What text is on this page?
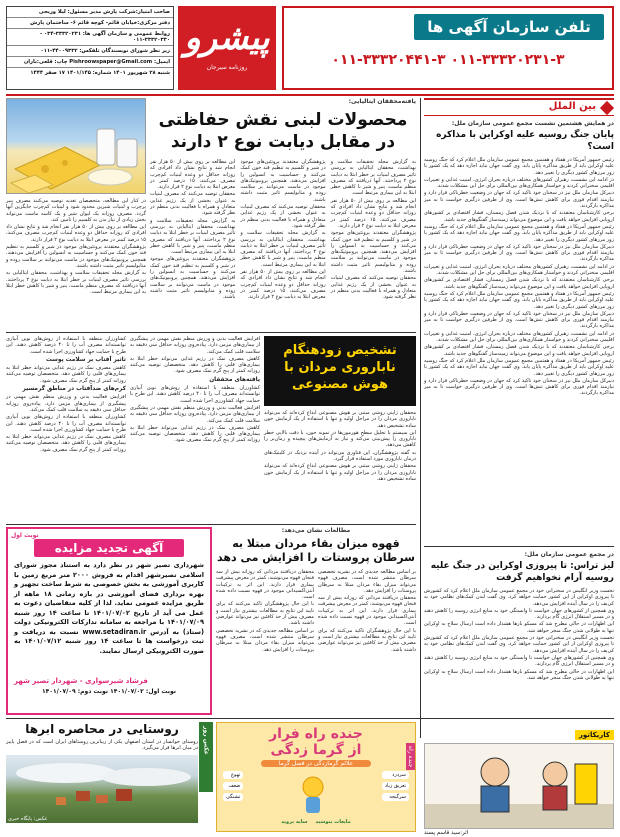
صاحب امتیاز:شرکت پارش مدیر مسئول: لیلا وریجی
دفتر مرکزی:خیابان قائم- کوچه قائم ۶- ساختمان پارش
روابط عمومی و سازمان آگهی ها: ۳۳۳۲۰۲۳۱-۰۳۴ - ۳۳۳۲۰۳۳۰-۰۱۱
زیر نظر شورای نویسندگان تلفکس: ۴۴۰۰۹۳۳۲-۰۱۱
ایمیل: Pishroowspaper@Gmail.com چاپ: قلعی:باران
شنبه ۲۸ شهریور ۱۴۰۱ شماره: ۱۴۰۱/۱۴۵ ۱۷ صفر ۱۴۴۴
پیشرو
روزنامه سیرجان
تلفن سازمان آگهی ها
۰۱۱-۳۳۳۲۰۲۳۱-۳ ۰۱۱-۳۳۳۲۰۴۴۱-۳
بین الملل
در همایش هشتمین نشست مجمع عمومی سازمان ملل:
پایان جنگ روسیه علیه اوکراین با مذاکره است؟

رئیس جمهور آمریکا در هفتاد و هفتمین مجمع عمومی سازمان ملل اعلام کرد که جنگ روسیه علیه اوکراین باید از طریق مذاکره پایان یابد. وی گفت جهان نباید اجازه دهد که یک کشور با زور مرزهای کشور دیگری را تغییر دهد.

در ادامه این نشست، رهبران کشورهای مختلف درباره بحران انرژی، امنیت غذایی و تغییرات اقلیمی سخنرانی کردند و خواستار همکاری‌های بین‌المللی برای حل این مشکلات شدند.

دبیرکل سازمان ملل نیز در سخنان خود تاکید کرد که جهان در وضعیت خطرناکی قرار دارد و نیازمند اقدام فوری برای کاهش تنش‌ها است. وی از طرفین درگیری خواست تا به میز مذاکره بازگردند.

برخی کارشناسان معتقدند که با نزدیک شدن فصل زمستان، فشار اقتصادی بر کشورهای اروپایی افزایش خواهد یافت و این موضوع می‌تواند زمینه‌ساز گفتگوهای جدید باشد.

رئیس جمهور آمریکا در هفتاد و هفتمین مجمع عمومی سازمان ملل اعلام کرد که جنگ روسیه علیه اوکراین باید از طریق مذاکره پایان یابد. وی گفت جهان نباید اجازه دهد که یک کشور با زور مرزهای کشور دیگری را تغییر دهد.

دبیرکل سازمان ملل نیز در سخنان خود تاکید کرد که جهان در وضعیت خطرناکی قرار دارد و نیازمند اقدام فوری برای کاهش تنش‌ها است. وی از طرفین درگیری خواست تا به میز مذاکره بازگردند.

در ادامه این نشست، رهبران کشورهای مختلف درباره بحران انرژی، امنیت غذایی و تغییرات اقلیمی سخنرانی کردند و خواستار همکاری‌های بین‌المللی برای حل این مشکلات شدند.

برخی کارشناسان معتقدند که با نزدیک شدن فصل زمستان، فشار اقتصادی بر کشورهای اروپایی افزایش خواهد یافت و این موضوع می‌تواند زمینه‌ساز گفتگوهای جدید باشد.

رئیس جمهور آمریکا در هفتاد و هفتمین مجمع عمومی سازمان ملل اعلام کرد که جنگ روسیه علیه اوکراین باید از طریق مذاکره پایان یابد. وی گفت جهان نباید اجازه دهد که یک کشور با زور مرزهای کشور دیگری را تغییر دهد.

دبیرکل سازمان ملل نیز در سخنان خود تاکید کرد که جهان در وضعیت خطرناکی قرار دارد و نیازمند اقدام فوری برای کاهش تنش‌ها است. وی از طرفین درگیری خواست تا به میز مذاکره بازگردند.

در ادامه این نشست، رهبران کشورهای مختلف درباره بحران انرژی، امنیت غذایی و تغییرات اقلیمی سخنرانی کردند و خواستار همکاری‌های بین‌المللی برای حل این مشکلات شدند.

برخی کارشناسان معتقدند که با نزدیک شدن فصل زمستان، فشار اقتصادی بر کشورهای اروپایی افزایش خواهد یافت و این موضوع می‌تواند زمینه‌ساز گفتگوهای جدید باشد.

رئیس جمهور آمریکا در هفتاد و هفتمین مجمع عمومی سازمان ملل اعلام کرد که جنگ روسیه علیه اوکراین باید از طریق مذاکره پایان یابد. وی گفت جهان نباید اجازه دهد که یک کشور با زور مرزهای کشور دیگری را تغییر دهد.

دبیرکل سازمان ملل نیز در سخنان خود تاکید کرد که جهان در وضعیت خطرناکی قرار دارد و نیازمند اقدام فوری برای کاهش تنش‌ها است. وی از طرفین درگیری خواست تا به میز مذاکره بازگردند.

در مجمع عمومی سازمان ملل:
لیز تراس: تا پیروزی اوکراین در جنگ علیه روسیه آرام نخواهیم گرفت

نخست وزیر انگلیس در سخنرانی خود در مجمع عمومی سازمان ملل اعلام کرد که کشورش تا پیروزی اوکراین از این کشور حمایت خواهد کرد. وی گفت لندن کمک‌های نظامی خود به کی‌یف را در سال آینده افزایش می‌دهد.

وی همچنین از کشورهای جهان خواست تا وابستگی خود به منابع انرژی روسیه را کاهش دهند و در مسیر استقلال انرژی گام بردارند.

این اظهارات در حالی مطرح شد که مسکو بارها هشدار داده است ارسال سلاح به اوکراین تنها به طولانی شدن جنگ منجر خواهد شد.

نخست وزیر انگلیس در سخنرانی خود در مجمع عمومی سازمان ملل اعلام کرد که کشورش تا پیروزی اوکراین از این کشور حمایت خواهد کرد. وی گفت لندن کمک‌های نظامی خود به کی‌یف را در سال آینده افزایش می‌دهد.

وی همچنین از کشورهای جهان خواست تا وابستگی خود به منابع انرژی روسیه را کاهش دهند و در مسیر استقلال انرژی گام بردارند.

این اظهارات در حالی مطرح شد که مسکو بارها هشدار داده است ارسال سلاح به اوکراین تنها به طولانی شدن جنگ منجر خواهد شد.

یافته‌محققان ایتالیایی:
محصولات لبنی نقش حفاظتی در مقابل دیابت نوع ۲ دارند

به گزارش مجله تحقیقات سلامت و بهداشت، محققان ایتالیایی به بررسی تاثیر مصرف لبنیات بر خطر ابتلا به دیابت نوع ۲ پرداختند. آنها دریافتند که مصرف منظم ماست، پنیر و شیر با کاهش خطر ابتلا به این بیماری مرتبط است.

این مطالعه بر روی بیش از ۵۰ هزار نفر انجام شد و نتایج نشان داد افرادی که روزانه حداقل دو وعده لبنیات کم‌چرب مصرف می‌کنند، ۱۵ درصد کمتر در معرض ابتلا به دیابت نوع ۲ قرار دارند.

پژوهشگران معتقدند پروتئین‌های موجود در شیر و کلسیم به تنظیم قند خون کمک می‌کنند و حساسیت به انسولین را افزایش می‌دهند. همچنین پروبیوتیک‌های موجود در ماست می‌توانند بر سلامت روده و متابولیسم تاثیر مثبت داشته باشند.

محققان توصیه می‌کنند که مصرف لبنیات به عنوان بخشی از یک رژیم غذایی متعادل و همراه با فعالیت بدنی منظم در نظر گرفته شود.

پژوهشگران معتقدند پروتئین‌های موجود در شیر و کلسیم به تنظیم قند خون کمک می‌کنند و حساسیت به انسولین را افزایش می‌دهند. همچنین پروبیوتیک‌های موجود در ماست می‌توانند بر سلامت روده و متابولیسم تاثیر مثبت داشته باشند.

محققان توصیه می‌کنند که مصرف لبنیات به عنوان بخشی از یک رژیم غذایی متعادل و همراه با فعالیت بدنی منظم در نظر گرفته شود.

به گزارش مجله تحقیقات سلامت و بهداشت، محققان ایتالیایی به بررسی تاثیر مصرف لبنیات بر خطر ابتلا به دیابت نوع ۲ پرداختند. آنها دریافتند که مصرف منظم ماست، پنیر و شیر با کاهش خطر ابتلا به این بیماری مرتبط است.

این مطالعه بر روی بیش از ۵۰ هزار نفر انجام شد و نتایج نشان داد افرادی که روزانه حداقل دو وعده لبنیات کم‌چرب مصرف می‌کنند، ۱۵ درصد کمتر در معرض ابتلا به دیابت نوع ۲ قرار دارند.

این مطالعه بر روی بیش از ۵۰ هزار نفر انجام شد و نتایج نشان داد افرادی که روزانه حداقل دو وعده لبنیات کم‌چرب مصرف می‌کنند، ۱۵ درصد کمتر در معرض ابتلا به دیابت نوع ۲ قرار دارند.

محققان توصیه می‌کنند که مصرف لبنیات به عنوان بخشی از یک رژیم غذایی متعادل و همراه با فعالیت بدنی منظم در نظر گرفته شود.

به گزارش مجله تحقیقات سلامت و بهداشت، محققان ایتالیایی به بررسی تاثیر مصرف لبنیات بر خطر ابتلا به دیابت نوع ۲ پرداختند. آنها دریافتند که مصرف منظم ماست، پنیر و شیر با کاهش خطر ابتلا به این بیماری مرتبط است.

پژوهشگران معتقدند پروتئین‌های موجود در شیر و کلسیم به تنظیم قند خون کمک می‌کنند و حساسیت به انسولین را افزایش می‌دهند. همچنین پروبیوتیک‌های موجود در ماست می‌توانند بر سلامت روده و متابولیسم تاثیر مثبت داشته باشند.

در کنار این مطالعه، متخصصان تغذیه توصیه می‌کنند مصرف پنیر پرچرب و لبنیات شیرین محدود شود و لبنیات کم‌چرب جایگزین آنها گردد. مصرف روزانه یک لیوان شیر و یک کاسه ماست می‌تواند بخش زیادی از نیاز بدن به کلسیم را تامین کند.

این مطالعه بر روی بیش از ۵۰ هزار نفر انجام شد و نتایج نشان داد افرادی که روزانه حداقل دو وعده لبنیات کم‌چرب مصرف می‌کنند، ۱۵ درصد کمتر در معرض ابتلا به دیابت نوع ۲ قرار دارند.

پژوهشگران معتقدند پروتئین‌های موجود در شیر و کلسیم به تنظیم قند خون کمک می‌کنند و حساسیت به انسولین را افزایش می‌دهند. همچنین پروبیوتیک‌های موجود در ماست می‌توانند بر سلامت روده و متابولیسم تاثیر مثبت داشته باشند.

به گزارش مجله تحقیقات سلامت و بهداشت، محققان ایتالیایی به بررسی تاثیر مصرف لبنیات بر خطر ابتلا به دیابت نوع ۲ پرداختند. آنها دریافتند که مصرف منظم ماست، پنیر و شیر با کاهش خطر ابتلا به این بیماری مرتبط است.

کشاورزان منطقه با استفاده از روش‌های نوین آبیاری توانسته‌اند مصرف آب را تا ۴۰ درصد کاهش دهند. این طرح با حمایت جهاد کشاورزی اجرا شده است.

تاثیر آفتاب بر سلامت پوست

کاهش مصرف نمک در رژیم غذایی می‌تواند خطر ابتلا به بیماری‌های قلبی را کاهش دهد. متخصصان توصیه می‌کنند روزانه کمتر از پنج گرم نمک مصرف شود.

کرم‌های ضدآفتاب در مناطق گرمسیر

افزایش فعالیت بدنی و ورزش منظم نقش مهمی در پیشگیری از بیماری‌های مزمن دارد. پیاده‌روی روزانه حداقل سی دقیقه به سلامت قلب کمک می‌کند.

کشاورزان منطقه با استفاده از روش‌های نوین آبیاری توانسته‌اند مصرف آب را تا ۴۰ درصد کاهش دهند. این طرح با حمایت جهاد کشاورزی اجرا شده است.

کاهش مصرف نمک در رژیم غذایی می‌تواند خطر ابتلا به بیماری‌های قلبی را کاهش دهد. متخصصان توصیه می‌کنند روزانه کمتر از پنج گرم نمک مصرف شود.

افزایش فعالیت بدنی و ورزش منظم نقش مهمی در پیشگیری از بیماری‌های مزمن دارد. پیاده‌روی روزانه حداقل سی دقیقه به سلامت قلب کمک می‌کند.

کاهش مصرف نمک در رژیم غذایی می‌تواند خطر ابتلا به بیماری‌های قلبی را کاهش دهد. متخصصان توصیه می‌کنند روزانه کمتر از پنج گرم نمک مصرف شود.

یافته‌های محققان

کشاورزان منطقه با استفاده از روش‌های نوین آبیاری توانسته‌اند مصرف آب را تا ۴۰ درصد کاهش دهند. این طرح با حمایت جهاد کشاورزی اجرا شده است.

افزایش فعالیت بدنی و ورزش منظم نقش مهمی در پیشگیری از بیماری‌های مزمن دارد. پیاده‌روی روزانه حداقل سی دقیقه به سلامت قلب کمک می‌کند.

کاهش مصرف نمک در رژیم غذایی می‌تواند خطر ابتلا به بیماری‌های قلبی را کاهش دهد. متخصصان توصیه می‌کنند روزانه کمتر از پنج گرم نمک مصرف شود.

تشخیص زودهنگام نابارورى مردان با هوش مصنوعی

محققان ژاپنی روشی مبتنی بر هوش مصنوعی ابداع کرده‌اند که می‌تواند ناباروری مردان را در مراحل اولیه و تنها با استفاده از یک آزمایش خون ساده تشخیص دهد.

این سیستم با تحلیل سطح هورمون‌ها در نمونه خون، با دقت بالایی خطر ناباروری را پیش‌بینی می‌کند و نیاز به آزمایش‌های پیچیده و زمان‌بر را کاهش می‌دهد.

به گفته پژوهشگران، این فناوری می‌تواند در آینده نزدیک در کلینیک‌های درمان ناباروری مورد استفاده قرار گیرد.

محققان ژاپنی روشی مبتنی بر هوش مصنوعی ابداع کرده‌اند که می‌تواند ناباروری مردان را در مراحل اولیه و تنها با استفاده از یک آزمایش خون ساده تشخیص دهد.

نوبت اول
آگهی تجدید مزایده
شهرداری تصیر شهر در نظر دارد به استناد مجوز شورای اسلامی تصیرشهر اقدام به فروش ۲۰۰۰ متر مربع زمین با کاربری آموزشی به بخش خصوصی به شرط ساخت تجهیز و بهره برداری فضای آموزشی در بازه زمانی ۱۸ ماهه از طریق مزایده عمومی نماید. لذا از کلیه متقاضیان دعوت به عمل می آید از تاریخ ۱۴۰۱/۰۷/۰۲ تا ساعت ۱۴ روز شنبه ۱۴۰۱/۰۷/۰۹ با مراجعه به سامانه تدارکات الکترونیکی دولت (ستاد) به آدرس www.setadiran.ir نسبت به دریافت و ثبت درخواست ها تا ساعت ۱۴ روز شنبه ۱۴۰۱/۰۷/۱۲ به صورت الکترونیکی ارسال نمایند.
فرشاد شیرسواری - شهردار تصیر شهر
نوبت اول: ۱۴۰۱/۰۷/۰۲ نوبت دوم: ۱۴۰۱/۰۷/۰۹
مطالعات نشان می‌دهد:
قهوه میزان بقاء مردان مبتلا به سرطان پروستات را افزایش می دهد

بر اساس مطالعه جدیدی که در نشریه تخصصی سرطان منتشر شده است، مصرف قهوه می‌تواند میزان بقاء مردان مبتلا به سرطان پروستات را افزایش دهد.

محققان دریافتند مردانی که روزانه بیش از سه فنجان قهوه می‌نوشند، کمتر در معرض پیشرفت بیماری قرار دارند. این اثر به ترکیبات آنتی‌اکسیدانی موجود در قهوه نسبت داده شده است.

با این حال پژوهشگران تاکید می‌کنند که برای تایید این نتایج به مطالعات بیشتری نیاز است و مصرف بیش از حد کافئین نیز می‌تواند عوارضی داشته باشد.

محققان دریافتند مردانی که روزانه بیش از سه فنجان قهوه می‌نوشند، کمتر در معرض پیشرفت بیماری قرار دارند. این اثر به ترکیبات آنتی‌اکسیدانی موجود در قهوه نسبت داده شده است.

با این حال پژوهشگران تاکید می‌کنند که برای تایید این نتایج به مطالعات بیشتری نیاز است و مصرف بیش از حد کافئین نیز می‌تواند عوارضی داشته باشد.

بر اساس مطالعه جدیدی که در نشریه تخصصی سرطان منتشر شده است، مصرف قهوه می‌تواند میزان بقاء مردان مبتلا به سرطان پروستات را افزایش دهد.

روستایی در محاصره ابرها
روستای خوانسار در استان اصفهان یکی از زیباترین روستاهای ایران است که در فصل پاییز در میان ابرها قرار می‌گیرد.
عکس: پایگاه خبری
عکس روز	جنده راه فرار
از گرما زدگی
علائم گرمازدگی در فصل گرما
سردرد
تعریق زیاد
سرگیجه
تهوع
ضعف
تشنگی
مایعات بنوشید
سایه بروید
جنده راه
کاریکاتور
اثر:سید قاسم پسند
